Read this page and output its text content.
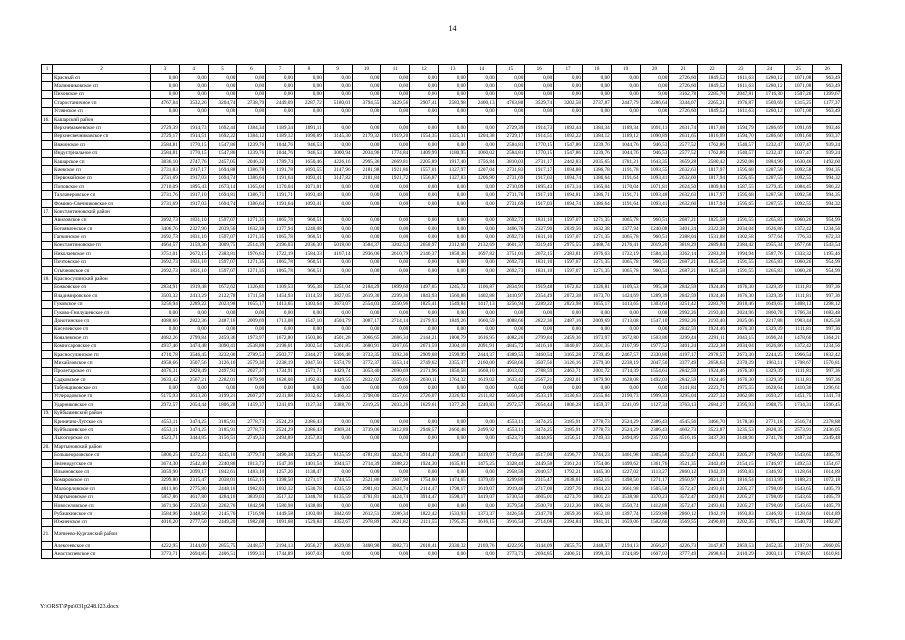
14
1	2	3	4	5	6	7	8	9	10	11	12	13	14	15	16	17	18	19	20	21	22	23	24	25	26
	Красный сп	0,00	0,00	0,00	0,00	0,00	0,00	0,00	0,00	0,00	0,00	0,00	0,00	0,00	0,00	0,00	0,00	0,00	0,00	2726,60	1849,52	1611,63	1280,12	1071,08	963,49
	Малинниковское сп	0,00	0,00	0,00	0,00	0,00	0,00	0,00	0,00	0,00	0,00	0,00	0,00	0,00	0,00	0,00	0,00	0,00	0,00	2726,60	1849,52	1611,63	1280,12	1071,08	963,49
	Пиховское сп	0,00	0,00	0,00	0,00	0,00	0,00	0,00	0,00	0,00	0,00	0,00	0,00	0,00	0,00	0,00	0,00	0,00	9,00	3162,78	2285,70	2047,81	1716,30	1507,26	1399,67
	Старостаничное сп	4767,84	3532,26	3204,74	2738,79	2449,09	2287,72	5180,01	3794,55	3429,56	2907,41	2583,98	2400,13	4763,88	3529,74	3202,58	2737,87	2447,79	2286,64	3344,07	2265,21	1976,87	1569,69	1315,25	1177,37
	Углянское сп	0,00	0,00	0,00	0,00	0,00	0,00	0,00	0,00	0,00	0,00	0,00	0,00	0,00	0,00	0,00	0,00	0,00	0,00	2726,60	1849,52	1611,63	1280,12	1071,08	963,49
16.	Кашарский район																								
	Верхнемакеевское сп	2729,39	1914,73	1692,44	1384,34	1189,34	1091,11	0,00	0,00	0,00	0,00	0,00	0,00	2729,39	1914,73	1692,44	1384,34	1189,34	1091,11	2631,74	1817,08	1594,79	1286,69	1091,69	993,46
	Верхнесвечниковское сп	2729,17	1914,51	1692,22	1384,12	1189,12	1090,89	3145,30	2179,32	1919,20	1554,35	1325,31	1204,38	2729,17	1914,51	1692,22	1384,12	1189,12	1090,89	2631,65	1816,99	1594,70	1286,60	1091,60	993,37
	Вяжинское сп	2584,81	1770,15	1547,86	1239,76	1044,76	946,53	0,00	0,00	0,00	0,00	0,00	0,00	2584,81	1770,15	1547,86	1239,76	1044,76	946,53	2577,52	1762,86	1540,57	1232,47	1037,47	939,24
	Индустриальное сп	2584,81	1770,15	1547,86	1239,76	1044,76	946,53	3000,94	2034,96	1774,84	1409,99	1180,95	1060,02	2584,81	1770,15	1547,86	1239,76	1044,76	946,53	2577,52	1762,86	1540,57	1232,47	1037,47	939,24
	Кашарское сп	3836,10	2747,76	2457,05	2046,32	1789,74	1650,46	4226,16	2995,36	2669,81	2205,89	1917,40	1756,84	3810,03	2731,17	2442,83	2035,65	1781,21	1643,35	3659,28	2580,42	2292,08	1884,90	1630,46	1492,60
	Киевское сп	2731,83	1917,17	1694,88	1386,78	1191,78	1093,55	3147,96	2181,98	1921,86	1557,01	1327,97	1207,04	2731,83	1917,17	1694,88	1386,78	1191,78	1093,55	2632,63	1817,97	1595,68	1287,58	1092,58	994,35
	Первомайское сп	2731,69	1917,03	1694,74	1386,64	1191,64	1093,41	3147,82	2181,84	1921,72	1556,87	1327,83	1206,90	2731,69	1917,03	1694,74	1386,64	1191,64	1093,41	2632,60	1817,94	1595,65	1287,55	1092,55	994,32
	Поповское сп	2710,09	1895,43	1673,14	1365,04	1170,04	1071,81	0,00	0,00	0,00	0,00	0,00	0,00	2710,09	1895,43	1673,14	1365,04	1170,04	1071,81	2624,50	1809,84	1587,55	1279,45	1084,45	986,22
	Талловеровское сп	2731,76	1917,10	1694,81	1386,71	1191,71	1093,48	0,00	0,00	0,00	0,00	0,00	0,00	2731,76	1917,10	1694,81	1386,71	1191,71	1093,48	2632,63	1817,97	1595,68	1287,58	1092,58	994,35
	Фомино-Свечниковское сп	2731,69	1917,03	1694,74	1386,64	1191,64	1093,41	0,00	0,00	0,00	0,00	0,00	0,00	2731,69	1917,03	1694,74	1386,64	1191,64	1093,41	2632,60	1817,94	1595,65	1287,55	1092,55	994,32
17.	Константиновский район																								
	Авиловское сп	2692,73	1831,10	1597,07	1271,35	1065,78	960,51	0,00	0,00	0,00	0,00	0,00	0,00	2692,73	1831,10	1597,07	1271,35	1065,78	960,51	2687,21	1825,58	1591,55	1265,83	1060,26	954,99
	Богоявленское сп	3406,76	2327,90	2039,56	1632,38	1377,94	1240,08	0,00	0,00	0,00	0,00	0,00	0,00	3406,76	2327,90	2039,56	1632,38	1377,94	1240,08	3401,24	2322,38	2034,04	1626,86	1372,42	1234,56
	Гапкинское сп	2692,73	1831,10	1597,07	1271,35	1065,78	960,51	0,00	0,00	0,00	0,00	0,00	0,00	2692,73	1831,10	1597,07	1271,35	1065,78	960,51	2388,04	1531,88	1302,58	977,64	776,33	672,33
	Константиновское гп	4664,57	3159,36	3009,75	2514,39	2196,03	2036,30	5018,00	3584,37	3202,53	2658,97	2312,60	2132,69	4601,37	3319,46	2975,55	2488,74	2176,41	2019,20	3818,29	2689,84	2384,42	1955,34	1677,66	1543,54
	Николаевское сп	3751,01	2672,15	2383,81	1976,63	1722,19	1584,33	4167,14	2936,06	2610,79	2146,37	1858,38	1697,82	3751,01	2672,15	2383,81	1976,63	1722,19	1584,33	3362,14	2283,28	1994,94	1587,76	1333,32	1195,46
	Почтовское сп	2692,73	1831,10	1597,07	1271,35	1065,78	960,51	0,00	0,00	0,00	0,00	0,00	0,00	2692,73	1831,10	1597,07	1271,35	1065,78	960,51	2687,21	1825,58	1591,55	1265,83	1060,26	954,99
	Стычновское сп	2692,73	1831,10	1597,07	1271,35	1065,78	960,51	0,00	0,00	0,00	0,00	0,00	0,00	2692,73	1831,10	1597,07	1271,35	1065,78	960,51	2687,21	1825,58	1591,55	1265,83	1060,26	954,99
18.	Красносулинский район																								
	Божковское сп	2834,91	1919,48	1672,62	1326,81	1109,53	995,38	3251,04	2184,29	1899,60	1497,05	1245,72	1106,87	2834,91	1919,48	1672,62	1326,81	1109,53	995,38	2842,59	1924,46	1676,30	1329,39	1111,81	997,36
	Владимировское сп	3503,32	2413,29	2122,78	1711,50	1454,93	1314,59	3827,05	2619,30	2299,36	1843,93	1560,88	1402,88	3410,97	2354,49	2072,38	1673,70	1424,69	1289,39	2842,59	1924,46	1676,30	1329,39	1111,81	997,36
	Гуковское сп	3256,94	2289,22	2023,98	1655,17	1413,65	1303,64	3673,07	2554,03	2250,96	1825,41	1549,84	1417,13	3256,94	2289,22	2023,98	1655,17	1413,65	1303,64	3251,42	2283,70	2018,46	1649,65	1408,13	1298,12
	Гуково-Гнилушевское сп	0,00	0,00	0,00	0,00	0,00	0,00	0,00	0,00	0,00	0,00	0,00	0,00	0,00	0,00	0,00	0,00	0,00	0,00	2992,26	2193,40	2024,96	1860,78	1766,34	1683,48
	Донотинское сп	4088,66	2822,36	2487,16	2009,69	1713,08	1547,10	4504,79	3087,17	2714,14	2179,93	1849,26	1660,59	4088,66	2822,36	2487,16	2009,69	1713,08	1547,10	2992,26	2193,40	2025,06	2217,88	1903,44	1825,58
	Киселевское сп	0,00	0,00	0,00	0,00	0,00	0,00	0,00	0,00	0,00	0,00	0,00	0,00	0,00	0,00	0,00	0,00	0,00	0,00	2842,59	1924,46	1676,30	1329,39	1111,81	997,36
	Ковалевское сп	4082,26	2799,84	2459,36	1973,97	1672,80	1503,86	4501,28	3066,65	2686,34	2144,21	1808,79	1616,95	4082,26	2799,84	2459,36	1973,97	1672,80	1503,86	3299,44	2291,11	2043,15	1696,24	1478,66	1364,21
	Комиссаровское сп	4937,46	3474,48	3090,41	2538,88	2198,01	2002,54	5261,85	3680,91	3267,05	2671,59	2304,18	2091,91	4845,72	3416,10	3040,07	2501,35	2167,99	1977,52	3401,24	2322,38	2034,04	1626,86	1372,42	1234,56
	Красносулинское гп	4710,78	3546,45	3232,06	2789,53	2503,77	2344,27	5006,48	3733,35	3392,36	2909,68	2599,99	2444,37	4389,55	3460,54	3165,28	2739,49	2467,57	2330,80	4197,17	2978,57	2673,30	2244,25	1966,54	1832,42
	Михайловское сп	4958,66	3507,56	3126,16	2579,30	2238,19	2047,50	5374,79	3772,37	3353,14	2749,62	2355,37	2160,00	4958,66	3507,56	3126,16	2579,30	2238,19	2047,50	3377,49	2658,63	2370,29	1963,11	1708,67	1570,81
	Пролетарское сп	4076,31	2828,49	2497,91	2027,37	1734,91	1571,71	4429,74	3053,40	2690,69	2171,96	1850,58	1668,10	4013,02	2788,59	2463,71	2001,72	1714,39	1554,61	2842,59	1924,46	1676,30	1329,39	1111,81	997,36
	Садковское сп	3633,42	2567,21	2282,01	1879,90	1628,08	1492,03	4049,55	2832,02	2509,01	2030,11	1764,32	1619,02	3633,42	2567,21	2282,01	1879,90	1628,08	1492,03	2842,59	1924,46	1676,30	1329,39	1111,81	997,36
	Табунщиковское сп	0,00	0,00	0,00	0,00	0,00	0,00	0,00	0,00	0,00	0,00	0,00	0,00	0,00	0,00	0,00	0,00	0,00	0,00	3141,84	2223,71	1975,55	1628,64	1410,36	1296,61
	Углеродовское гп	5175,93	3613,20	3199,21	2607,27	2231,88	2032,62	5466,33	3798,00	3357,61	2726,07	2326,92	2111,82	5050,20	3533,19	3130,63	2555,84	2190,73	1999,33	3295,04	2327,32	2062,08	1693,27	1451,75	1341,74
	Ударниковское сп	2972,57	2054,44	1806,28	1459,37	1241,09	1127,34	3388,70	2319,25	2033,26	1629,61	1377,28	1240,83	2972,57	2054,44	1806,28	1459,37	1241,09	1127,34	3763,13	2684,27	2395,93	1988,75	1734,31	1596,45
19.	Куйбышевский район																								
	Кринично-Лугское сп	4553,11	3474,25	3185,91	2778,73	2524,29	2386,43	0,00	0,00	0,00	0,00	0,00	0,00	4553,11	3474,25	3185,91	2778,73	2524,29	2386,43	4545,56	3466,70	3178,36	2771,18	2516,74	2378,88
	Куйбышевское сп	4553,11	3474,25	3185,91	2778,73	2524,29	2386,43	4969,24	3739,06	3412,89	2948,57	2660,48	2499,92	4553,11	3474,25	3185,91	2778,73	2524,29	2386,43	4602,73	3523,87	3235,53	2828,35	2573,91	2436,05
	Лысогорское сп	4523,71	3444,85	3156,51	2749,33	2494,89	2357,03	0,00	0,00	0,00	0,00	0,00	0,00	4523,71	3444,85	3156,51	2749,33	2494,89	2357,03	4516,16	3437,30	3148,96	2741,78	2487,34	2349,48
20.	Мартыновский район																								
	Большеорловское сп	5806,25	4372,23	4245,10	3779,74	3490,38	3329,25	6135,59	4781,81	4424,74	3914,47	3598,17	3419,07	5719,46	4517,00	4196,77	3744,23	3461,98	3305,58	3572,47	2493,61	2205,27	1798,09	1543,65	1405,79
	Зеленодугское сп	3674,30	2542,40	2240,80	1813,73	1547,36	1401,54	3944,57	2714,39	2388,22	1924,30	1635,81	1475,25	3328,44	2449,58	2161,24	1754,06	1499,62	1361,76	3521,35	2442,49	2154,15	1746,97	1492,53	1354,67
	Ильиновское сп	3059,90	2099,17	1842,61	1483,10	1257,26	1138,47	0,00	0,00	0,00	0,00	0,00	0,00	2958,50	2040,57	1792,21	1445,30	1227,02	1113,27	2860,12	1942,19	1693,83	1346,92	1128,64	1014,89
	Комаровское сп	3299,80	2315,47	2038,01	1652,15	1398,50	1271,17	3744,55	2521,86	2307,90	1754,00	1474,65	1379,09	3299,80	2315,47	2038,01	1652,15	1398,50	1271,17	2950,97	2021,21	1816,54	1413,99	1188,21	1072,18
	Малоорловское сп	4011,86	2775,80	2448,16	1982,03	1692,32	1530,78	4335,59	2981,81	2624,74	2114,47	1798,17	1619,07	3919,46	2717,00	2397,76	1944,23	1661,98	1505,58	3572,47	2493,61	2205,27	1798,09	1543,65	1405,79
	Мартыновское сп	5857,86	4617,80	4284,16	3839,03	3517,32	3348,78	6135,59	4781,81	4424,74	3914,47	3598,17	3419,07	5730,53	4605,01	4273,76	3801,23	3538,98	3370,23	3572,47	2493,61	2205,27	1798,09	1543,65	1405,79
	Новоселовское сп	3671,96	2559,50	2262,76	1842,98	1580,98	1438,08	0,00	0,00	0,00	0,00	0,00	0,00	3579,56	2500,70	2212,36	1805,18	1550,74	1412,88	3572,47	2493,61	2205,27	1798,09	1543,65	1405,79
	Рубашкинское сп	3584,96	2448,50	2145,76	1716,98	1449,58	1303,08	3842,69	2612,51	2286,34	1822,42	1533,93	1373,37	3426,56	2347,70	2059,36	1652,18	1397,74	1259,88	2860,12	1942,19	1693,83	1346,92	1128,64	1014,89
	Южненское сп	4016,20	2777,50	2449,20	1982,08	1691,68	1529,84	4352,67	2978,89	2621,82	2111,55	1795,25	1616,15	3916,54	2714,08	2394,84	1941,31	1659,06	1502,66	3569,55	2490,69	2202,35	1795,17	1540,73	1402,87
21.	Матвеево-Курганский район																								
	Алексеевское сп	4222,95	3144,09	2855,75	2448,57	2194,13	2056,27	4639,08	3408,90	3082,73	2618,41	2330,32	2169,76	4222,95	3144,09	2855,75	2448,57	2194,13	2056,27	4226,73	3147,87	2859,53	2452,35	2197,91	2060,05
	Анастасиевское сп	3773,71	2694,85	2406,51	1999,33	1744,89	1607,03	0,00	0,00	0,00	0,00	0,00	0,00	3773,71	2694,85	2406,51	1999,33	1744,89	1607,03	3777,49	2698,63	2410,29	2003,11	1748,67	1610,81
Y:\ORST\Ppu\031p248.f23.docx
